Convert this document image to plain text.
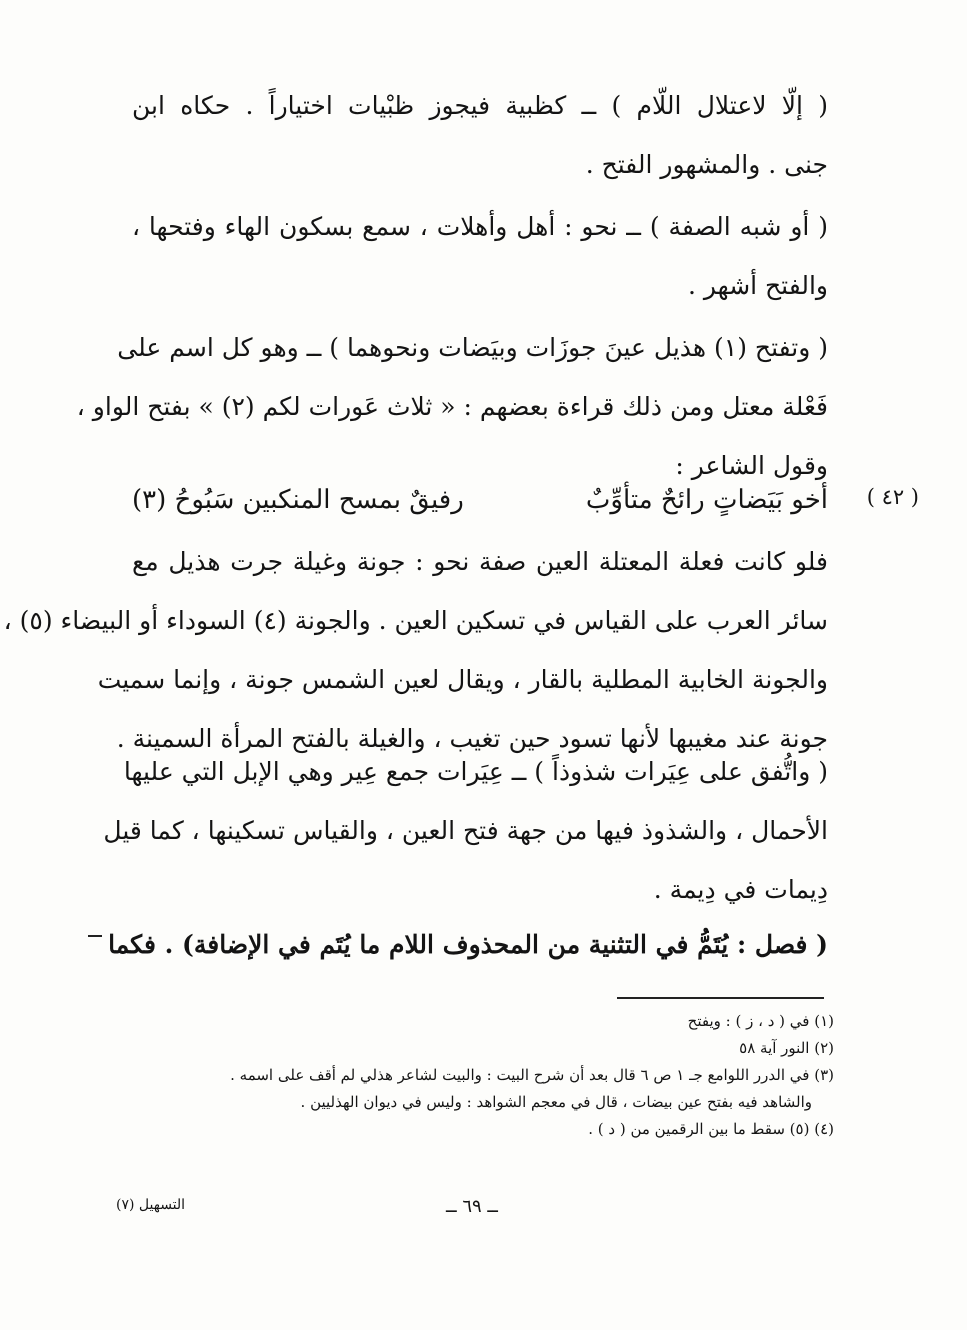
( إلّا لاعتلال اللّام ) ــ كظبية فيجوز ظبْيات اختياراً . حكاه ابن
جنى . والمشهور الفتح .
( أو شبه الصفة ) ــ نحو : أهل وأهلات ، سمع بسكون الهاء وفتحها ،
والفتح أشهر .
( وتفتح (١) هذيل عينَ جوزَات وبيَضات ونحوهما ) ــ وهو كل اسم على
فَعْلة معتل ومن ذلك قراءة بعضهم : « ثلاث عَورات لكم (٢) » بفتح الواو ،
وقول الشاعر :
( ٤٢ )
أخو بَيَضاتٍ رائحٌ متأوِّبٌ
رفيقٌ بمسح المنكبين سَبُوحُ (٣)
فلو كانت فعلة المعتلة العين صفة نحو : جونة وغيلة جرت هذيل مع
سائر العرب على القياس في تسكين العين . والجونة (٤) السوداء أو البيضاء (٥) ،
والجونة الخابية المطلية بالقار ، ويقال لعين الشمس جونة ، وإنما سميت
جونة عند مغيبها لأنها تسود حين تغيب ، والغيلة بالفتح المرأة السمينة .
( واتُّفق على عِيَرات شذوذاً ) ــ عِيَرات جمع عِير وهي الإبل التي عليها
الأحمال ، والشذوذ فيها من جهة فتح العين ، والقياس تسكينها ، كما قيل
دِيمات في دِيمة .
( فصل : يُتَمُّ في التثنية من المحذوف اللام ما يُتَم في الإضافة) . فكما
(١) في ( د ، ز ) : ويفتح
(٢) النور آية ٥٨
(٣) في الدرر اللوامع جـ ١ ص ٦ قال بعد أن شرح البيت : والبيت لشاعر هذلي لم أقف على اسمه .
والشاهد فيه بفتح عين بيضات ، قال في معجم الشواهد : وليس في ديوان الهذليين .
(٤) (٥) سقط ما بين الرقمين من ( د ) .
ــ ٦٩ ــ
التسهيل (٧)
